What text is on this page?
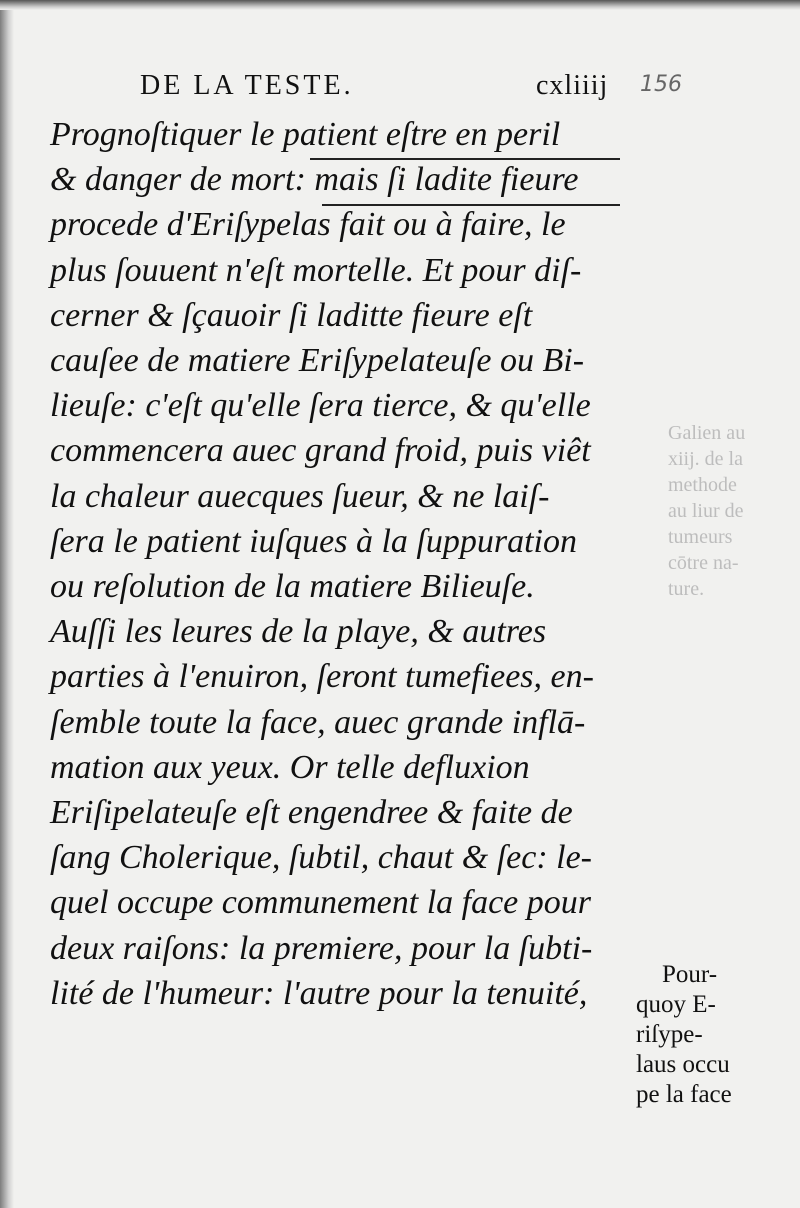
Galien au
xiij. de la
methode
au liur de
tumeurs
cōtre na-
ture.
DE LA TESTE.	cxliiij 156
Prognoſtiquer le patient eſtre en peril
& danger de mort: mais ſi ladite fieure
procede d'Eriſypelas fait ou à faire, le
plus ſouuent n'eſt mortelle. Et pour diſ-
cerner & ſçauoir ſi laditte fieure eſt
cauſee de matiere Eriſypelateuſe ou Bi-
lieuſe: c'eſt qu'elle ſera tierce, & qu'elle
commencera auec grand froid, puis viêt
la chaleur auecques ſueur, & ne laiſ-
ſera le patient iuſques à la ſuppuration
ou reſolution de la matiere Bilieuſe.
Auſſi les leures de la playe, & autres
parties à l'enuiron, ſeront tumefiees, en-
ſemble toute la face, auec grande inflā-
mation aux yeux. Or telle defluxion
Eriſipelateuſe eſt engendree & faite de
ſang Cholerique, ſubtil, chaut & ſec: le-
quel occupe communement la face pour
deux raiſons: la premiere, pour la ſubti-
lité de l'humeur: l'autre pour la tenuité,
Pour-
quoy E-
riſype-
laus occu
pe la face
